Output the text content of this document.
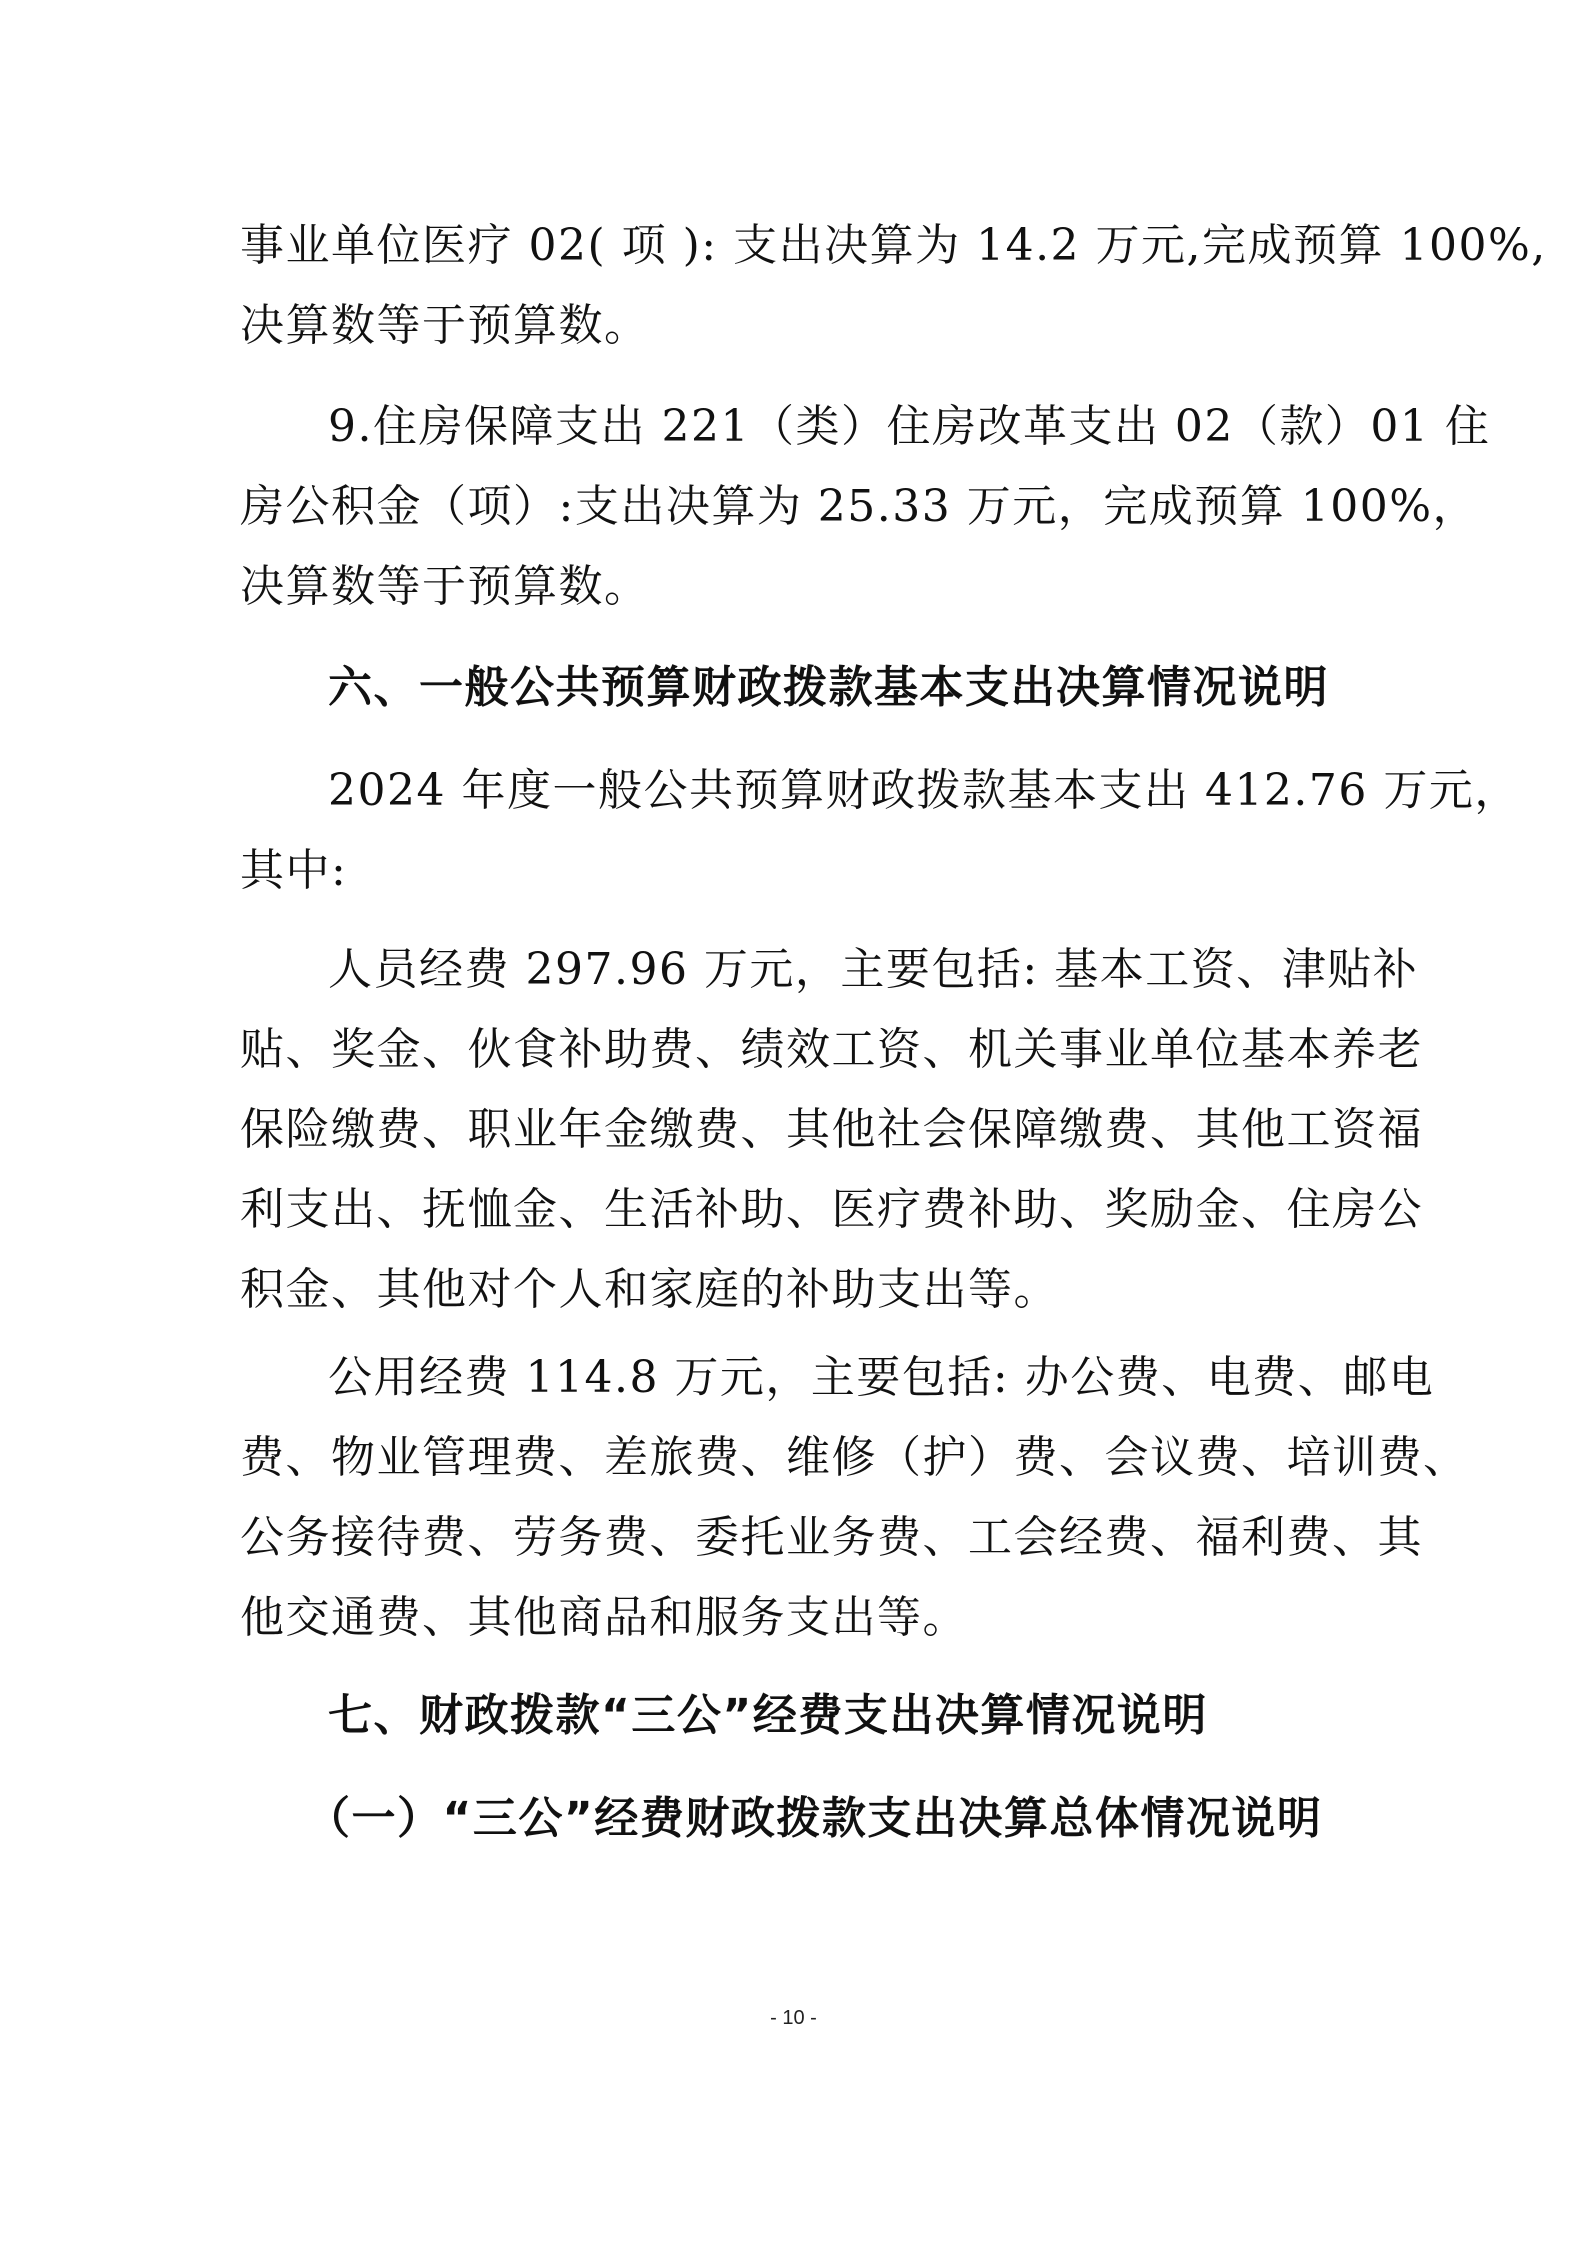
事业单位医疗 02( 项 ): 支出决算为 14.2 万元,完成预算 100%,
决算数等于预算数。
9.住房保障支出 221（类）住房改革支出 02（款）01 住
房公积金（项）:支出决算为 25.33 万元，完成预算 100%，
决算数等于预算数。
六、一般公共预算财政拨款基本支出决算情况说明
2024 年度一般公共预算财政拨款基本支出 412.76 万元，
其中:
人员经费 297.96 万元，主要包括: 基本工资、津贴补
贴、奖金、伙食补助费、绩效工资、机关事业单位基本养老
保险缴费、职业年金缴费、其他社会保障缴费、其他工资福
利支出、抚恤金、生活补助、医疗费补助、奖励金、住房公
积金、其他对个人和家庭的补助支出等。
公用经费 114.8 万元，主要包括: 办公费、电费、邮电
费、物业管理费、差旅费、维修（护）费、会议费、培训费、
公务接待费、劳务费、委托业务费、工会经费、福利费、其
他交通费、其他商品和服务支出等。
七、财政拨款“三公”经费支出决算情况说明
（一）“三公”经费财政拨款支出决算总体情况说明
- 10 -
